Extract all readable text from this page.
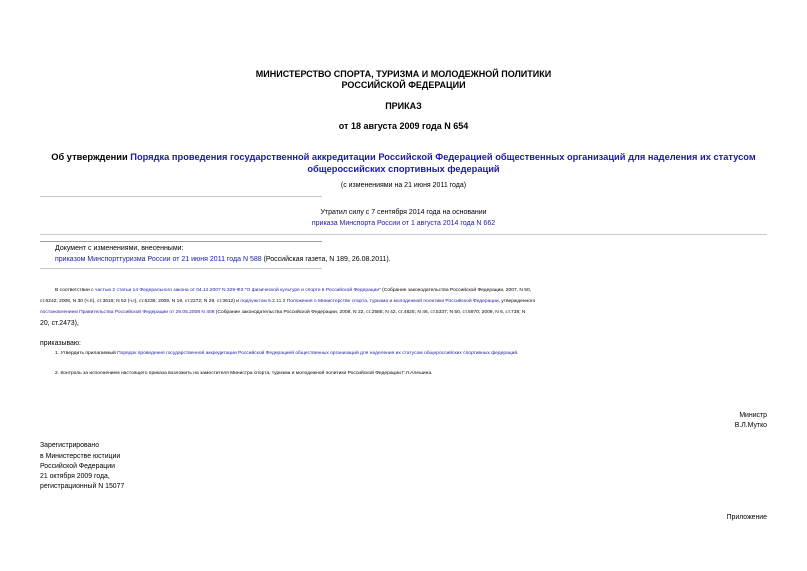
МИНИСТЕРСТВО СПОРТА, ТУРИЗМА И МОЛОДЕЖНОЙ ПОЛИТИКИ
РОССИЙСКОЙ ФЕДЕРАЦИИ
ПРИКАЗ
от 18 августа 2009 года N 654
Об утверждении Порядка проведения государственной аккредитации Российской Федерацией общественных организаций для наделения их статусом общероссийских спортивных федераций
(с изменениями на 21 июня 2011 года)
Утратил силу с 7 сентября 2014 года на основании
приказа Минспорта России от 1 августа 2014 года N 662
Документ с изменениями, внесенными:
приказом Минспорттуризма России от 21 июня 2011 года N 588 (Российская газета, N 189, 26.08.2011).
В соответствии с частью 2 статьи 14 Федерального закона от 04.12.2007 N 329-ФЗ "О физической культуре и спорте в Российской Федерации" (Собрание законодательства Российской Федерации, 2007, N 50,
ст.6242; 2008, N 30 (ч.II), ст.3616; N 52 (ч.I), ст.6236; 2009, N 19, ст.2272; N 29, ст.3612) и подпунктом 5.2.11.2 Положения о Министерстве спорта, туризма и молодежной политики Российской Федерации, утвержденного
постановлением Правительства Российской Федерации от 29.05.2008 N 408 (Собрание законодательства Российской Федерации, 2008, N 22, ст.2585; N 42, ст.4825; N 46, ст.5337; N 50, ст.5970; 2009, N 6, ст.738; N
20, ст.2473),
приказываю:
1. Утвердить прилагаемый Порядок проведения государственной аккредитации Российской Федерацией общественных организаций для наделения их статусом общероссийских спортивных федераций.
2. Контроль за исполнением настоящего приказа возложить на заместителя Министра спорта, туризма и молодежной политики Российской Федерации Г.Л.Алешина.
Министр
В.Л.Мутко
Зарегистрировано
в Министерстве юстиции
Российской Федерации
21 октября 2009 года,
регистрационный N 15077
Приложение
